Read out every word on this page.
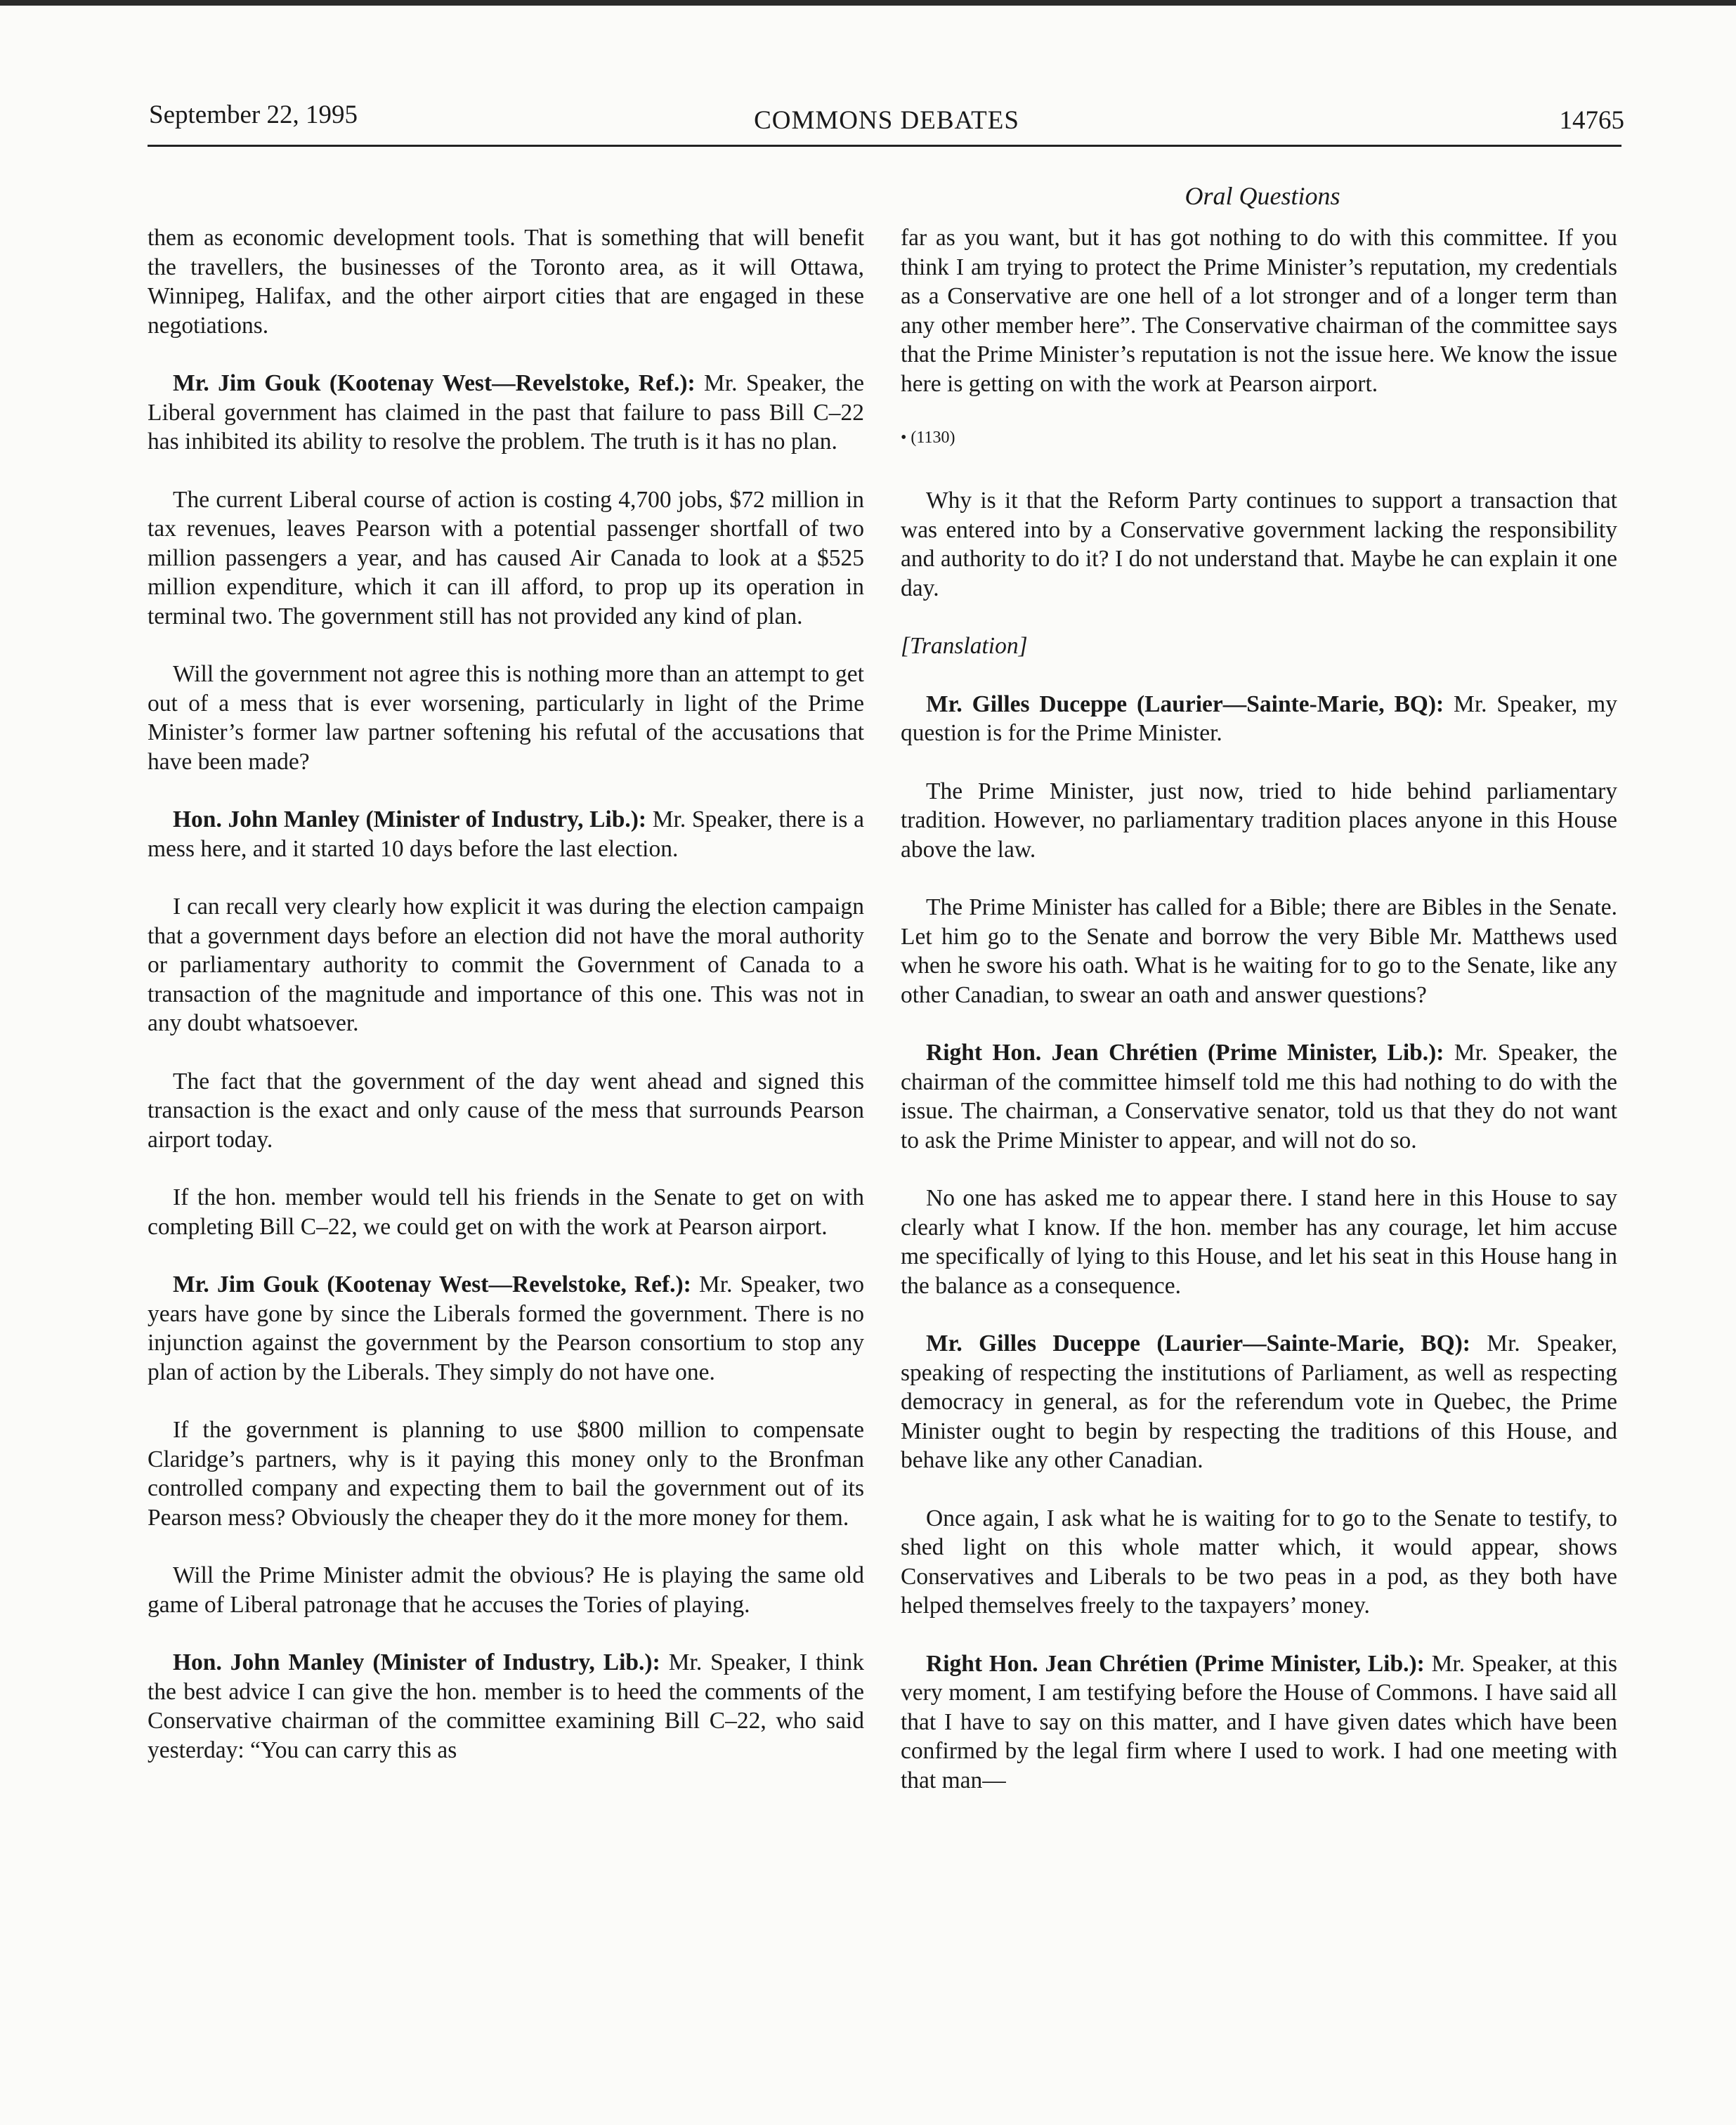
September 22, 1995	COMMONS DEBATES	14765
Oral Questions

them as economic development tools. That is something that will benefit the travellers, the businesses of the Toronto area, as it will Ottawa, Winnipeg, Halifax, and the other airport cities that are engaged in these negotiations.

Mr. Jim Gouk (Kootenay West—Revelstoke, Ref.): Mr. Speaker, the Liberal government has claimed in the past that failure to pass Bill C–22 has inhibited its ability to resolve the problem. The truth is it has no plan.

The current Liberal course of action is costing 4,700 jobs, $72 million in tax revenues, leaves Pearson with a potential passenger shortfall of two million passengers a year, and has caused Air Canada to look at a $525 million expenditure, which it can ill afford, to prop up its operation in terminal two. The government still has not provided any kind of plan.

Will the government not agree this is nothing more than an attempt to get out of a mess that is ever worsening, particularly in light of the Prime Minister’s former law partner softening his refutal of the accusations that have been made?

Hon. John Manley (Minister of Industry, Lib.): Mr. Speaker, there is a mess here, and it started 10 days before the last election.

I can recall very clearly how explicit it was during the election campaign that a government days before an election did not have the moral authority or parliamentary authority to commit the Government of Canada to a transaction of the magnitude and importance of this one. This was not in any doubt whatsoever.

The fact that the government of the day went ahead and signed this transaction is the exact and only cause of the mess that surrounds Pearson airport today.

If the hon. member would tell his friends in the Senate to get on with completing Bill C–22, we could get on with the work at Pearson airport.

Mr. Jim Gouk (Kootenay West—Revelstoke, Ref.): Mr. Speaker, two years have gone by since the Liberals formed the government. There is no injunction against the government by the Pearson consortium to stop any plan of action by the Liberals. They simply do not have one.

If the government is planning to use $800 million to compensate Claridge’s partners, why is it paying this money only to the Bronfman controlled company and expecting them to bail the government out of its Pearson mess? Obviously the cheaper they do it the more money for them.

Will the Prime Minister admit the obvious? He is playing the same old game of Liberal patronage that he accuses the Tories of playing.

Hon. John Manley (Minister of Industry, Lib.): Mr. Speaker, I think the best advice I can give the hon. member is to heed the comments of the Conservative chairman of the committee examining Bill C–22, who said yesterday: “You can carry this as

far as you want, but it has got nothing to do with this committee. If you think I am trying to protect the Prime Minister’s reputation, my credentials as a Conservative are one hell of a lot stronger and of a longer term than any other member here”. The Conservative chairman of the committee says that the Prime Minister’s reputation is not the issue here. We know the issue here is getting on with the work at Pearson airport.

• (1130)

Why is it that the Reform Party continues to support a transaction that was entered into by a Conservative government lacking the responsibility and authority to do it? I do not understand that. Maybe he can explain it one day.

[Translation]

Mr. Gilles Duceppe (Laurier—Sainte-Marie, BQ): Mr. Speaker, my question is for the Prime Minister.

The Prime Minister, just now, tried to hide behind parliamentary tradition. However, no parliamentary tradition places anyone in this House above the law.

The Prime Minister has called for a Bible; there are Bibles in the Senate. Let him go to the Senate and borrow the very Bible Mr. Matthews used when he swore his oath. What is he waiting for to go to the Senate, like any other Canadian, to swear an oath and answer questions?

Right Hon. Jean Chrétien (Prime Minister, Lib.): Mr. Speaker, the chairman of the committee himself told me this had nothing to do with the issue. The chairman, a Conservative senator, told us that they do not want to ask the Prime Minister to appear, and will not do so.

No one has asked me to appear there. I stand here in this House to say clearly what I know. If the hon. member has any courage, let him accuse me specifically of lying to this House, and let his seat in this House hang in the balance as a consequence.

Mr. Gilles Duceppe (Laurier—Sainte-Marie, BQ): Mr. Speaker, speaking of respecting the institutions of Parliament, as well as respecting democracy in general, as for the referendum vote in Quebec, the Prime Minister ought to begin by respecting the traditions of this House, and behave like any other Canadian.

Once again, I ask what he is waiting for to go to the Senate to testify, to shed light on this whole matter which, it would appear, shows Conservatives and Liberals to be two peas in a pod, as they both have helped themselves freely to the taxpayers’ money.

Right Hon. Jean Chrétien (Prime Minister, Lib.): Mr. Speaker, at this very moment, I am testifying before the House of Commons. I have said all that I have to say on this matter, and I have given dates which have been confirmed by the legal firm where I used to work. I had one meeting with that man—
